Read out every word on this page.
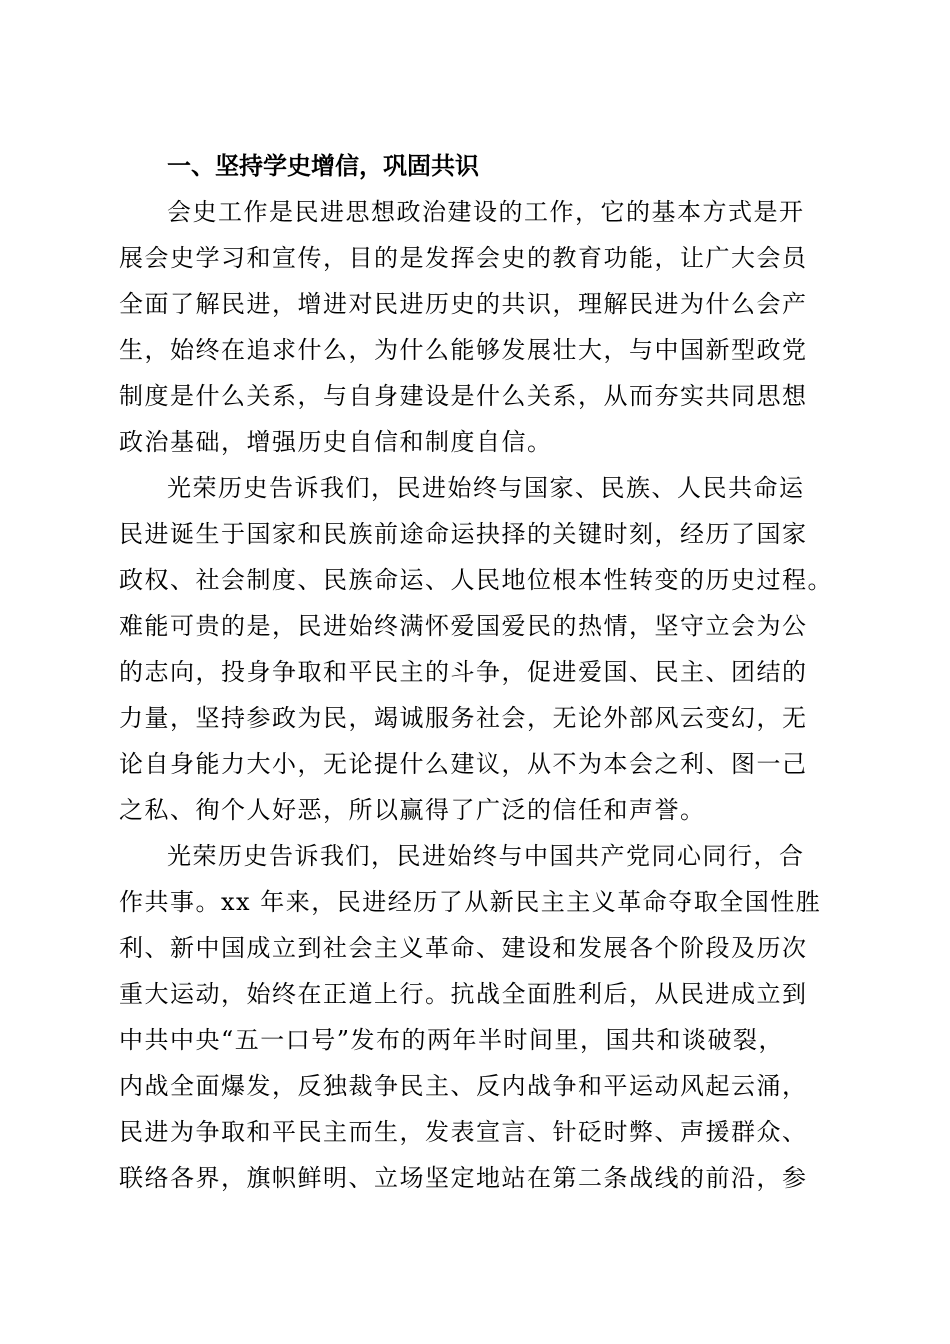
一、坚持学史增信，巩固共识
会史工作是民进思想政治建设的工作，它的基本方式是开
展会史学习和宣传，目的是发挥会史的教育功能，让广大会员
全面了解民进，增进对民进历史的共识，理解民进为什么会产
生，始终在追求什么，为什么能够发展壮大，与中国新型政党
制度是什么关系，与自身建设是什么关系，从而夯实共同思想
政治基础，增强历史自信和制度自信。
光荣历史告诉我们，民进始终与国家、民族、人民共命运
民进诞生于国家和民族前途命运抉择的关键时刻，经历了国家
政权、社会制度、民族命运、人民地位根本性转变的历史过程。
难能可贵的是，民进始终满怀爱国爱民的热情，坚守立会为公
的志向，投身争取和平民主的斗争，促进爱国、民主、团结的
力量，坚持参政为民，竭诚服务社会，无论外部风云变幻，无
论自身能力大小，无论提什么建议，从不为本会之利、图一己
之私、徇个人好恶，所以赢得了广泛的信任和声誉。
光荣历史告诉我们，民进始终与中国共产党同心同行，合
作共事。xx 年来，民进经历了从新民主主义革命夺取全国性胜
利、新中国成立到社会主义革命、建设和发展各个阶段及历次
重大运动，始终在正道上行。抗战全面胜利后，从民进成立到
中共中央“五一口号”发布的两年半时间里，国共和谈破裂，
内战全面爆发，反独裁争民主、反内战争和平运动风起云涌，
民进为争取和平民主而生，发表宣言、针砭时弊、声援群众、
联络各界，旗帜鲜明、立场坚定地站在第二条战线的前沿，参
